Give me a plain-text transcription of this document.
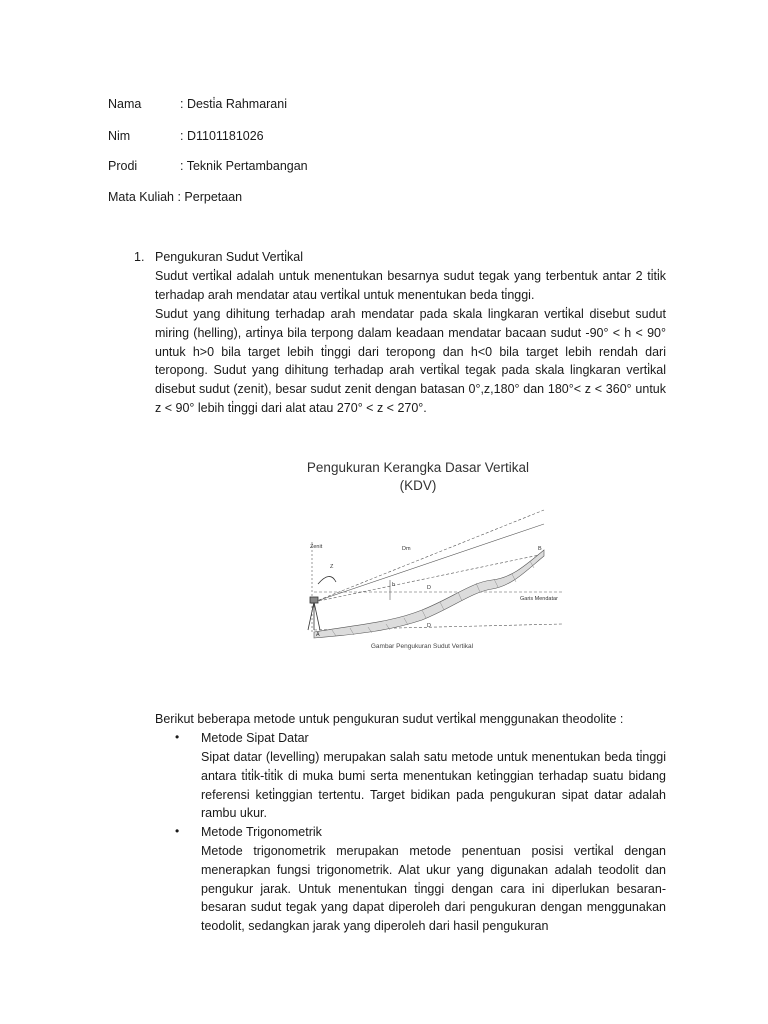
Nama	: Desti̇a Rahmarani
Nim	: D1101181026
Prodi	: Teknik Pertambangan
Mata Kuliah : Perpetaan
1. Pengukuran Sudut Verti̇kal

Sudut verti̇kal adalah untuk menentukan besarnya sudut tegak yang terbentuk antar 2 ti̇ti̇k terhadap arah mendatar atau verti̇kal untuk menentukan beda ti̇nggi.

Sudut yang dihitung terhadap arah mendatar pada skala lingkaran verti̇kal disebut sudut miring (helling), arti̇nya bila terpong dalam keadaan mendatar bacaan sudut -90° < h < 90° untuk h>0 bila target lebih ti̇nggi dari teropong dan h<0 bila target lebih rendah dari teropong. Sudut yang dihitung terhadap arah verti̇kal tegak pada skala lingkaran verti̇kal disebut sudut (zenit), besar sudut zenit dengan batasan 0°,z,180° dan 180°< z < 360° untuk z < 90° lebih ti̇nggi dari alat atau 270° < z < 270°.

Pengukuran Kerangka Dasar Vertikal
(KDV)
Zenit
Z
Dm
h	D
Garis Mendatar
D
A
B
Gambar Pengukuran Sudut Vertikal
Berikut beberapa metode untuk pengukuran sudut verti̇kal menggunakan theodolite :
• Metode Sipat Datar

Sipat datar (levelling) merupakan salah satu metode untuk menentukan beda ti̇nggi antara ti̇ti̇k-ti̇ti̇k di muka bumi serta menentukan keti̇nggian terhadap suatu bidang referensi keti̇nggian tertentu. Target bidikan pada pengukuran sipat datar adalah rambu ukur.

• Metode Trigonometrik

Metode trigonometrik merupakan metode penentuan posisi verti̇kal dengan menerapkan fungsi trigonometrik. Alat ukur yang digunakan adalah teodolit dan pengukur jarak. Untuk menentukan ti̇nggi dengan cara ini diperlukan besaran-besaran sudut tegak yang dapat diperoleh dari pengukuran dengan menggunakan teodolit, sedangkan jarak yang diperoleh dari hasil pengukuran
